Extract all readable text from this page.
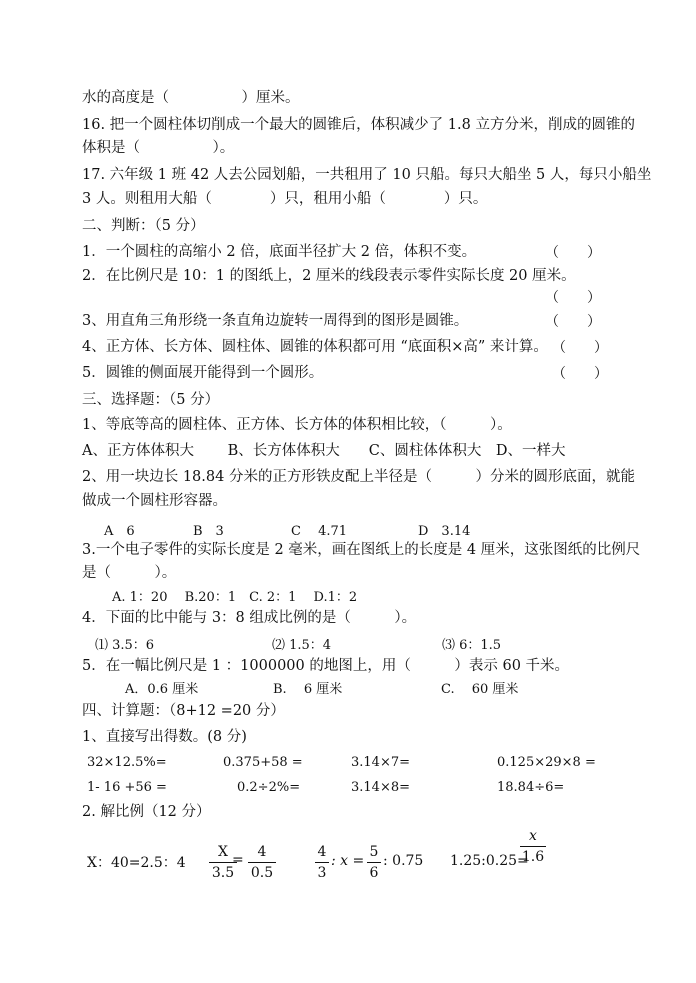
水的高度是（　　　　　）厘米。
16. 把一个圆柱体切削成一个最大的圆锥后，体积减少了 1.8 立方分米，削成的圆锥的
体积是（　　　　　）。
17. 六年级 1 班 42 人去公园划船，一共租用了 10 只船。每只大船坐 5 人，每只小船坐
3 人。则租用大船（　　　　）只，租用小船（　　　　）只。
二、判断：（5 分）
1．一个圆柱的高缩小 2 倍，底面半径扩大 2 倍，体积不变。	（　　）
2．在比例尺是 10：1 的图纸上，2 厘米的线段表示零件实际长度 20 厘米。
（　　）
3、用直角三角形绕一条直角边旋转一周得到的图形是圆锥。	（　　）
4、正方体、长方体、圆柱体、圆锥的体积都可用 “底面积×高” 来计算。 （　　）
5．圆锥的侧面展开能得到一个圆形。	（　　）
三、选择题：（5 分）
1、等底等高的圆柱体、正方体、长方体的体积相比较，（　　　）。
A、正方体体积大　　 B、长方体体积大　　C、圆柱体体积大　D、一样大
2、用一块边长 18.84 分米的正方形铁皮配上半径是（　　　）分米的圆形底面，就能
做成一个圆柱形容器。
A　6	B　3	C　 4.71	D　3.14
3.一个电子零件的实际长度是 2 毫米，画在图纸上的长度是 4 厘米，这张图纸的比例尺
是（　　　）。
A. 1：20　 B.20：1　C. 2：1　 D.1：2
4．下面的比中能与 3：8 组成比例的是（　　　）。
⑴ 3.5：6	⑵ 1.5：4	⑶ 6：1.5
5．在一幅比例尺是 1 ：1000000 的地图上，用（　　　）表示 60 千米。
A．0.6 厘米	B.　 6 厘米	C.　 60 厘米
四、计算题：（8+12 =20 分）
1、直接写出得数。(8 分)
32×12.5%=	0.375+58 =	3.14×7=	0.125×29×8 =
1- 16 +56 =	0.2÷2%=	3.14×8=	18.84÷6=
2. 解比例（12 分）
X：40=2.5：4
X
3.5
= 4
0.5
4
3
: x =
5
6
: 0.75 1.25:0.25=
x
1.6
